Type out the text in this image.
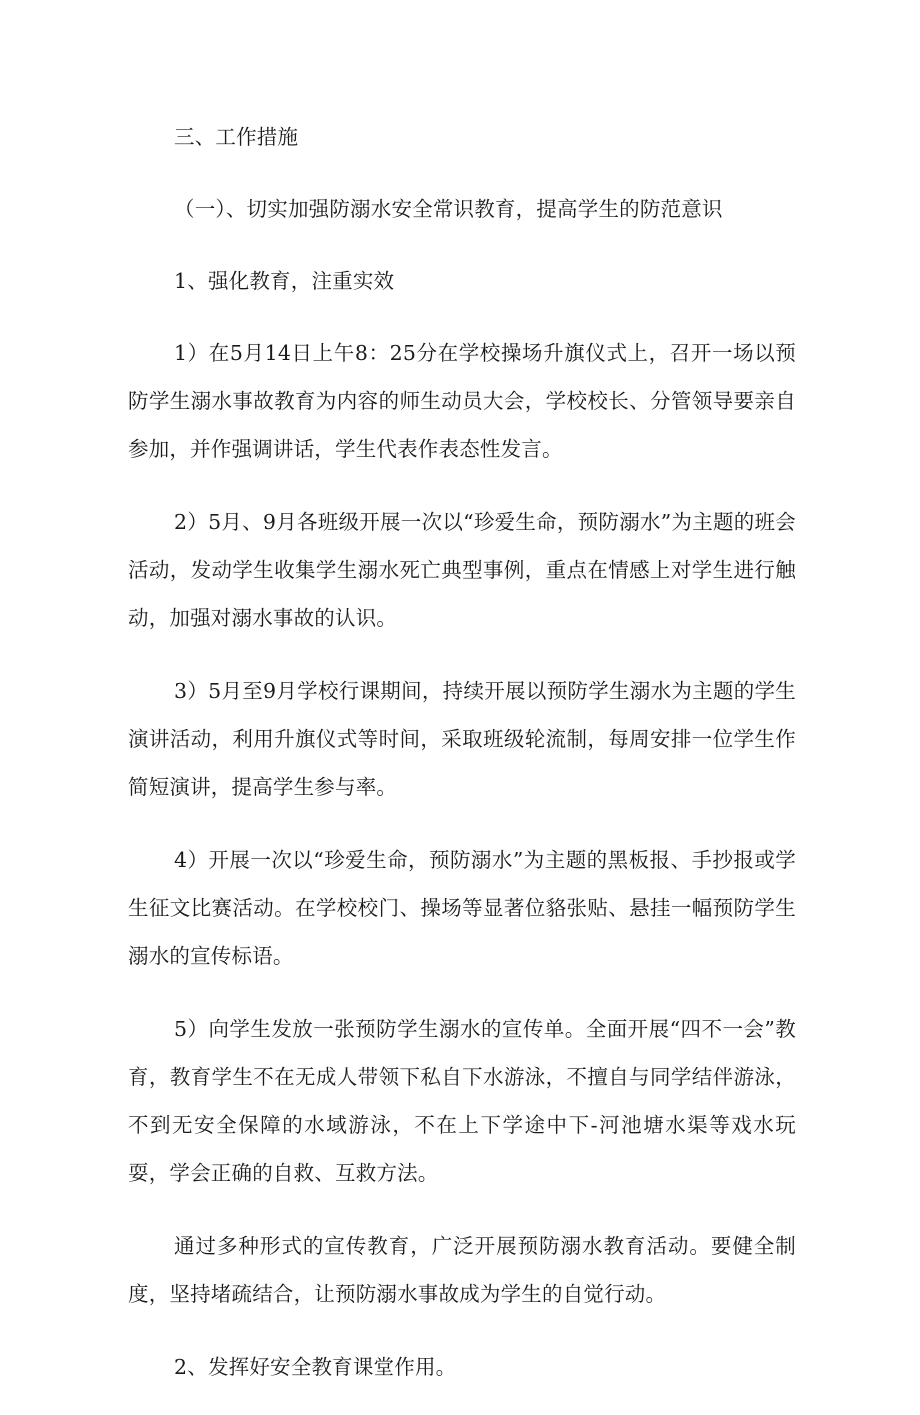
三、工作措施

（一）、切实加强防溺水安全常识教育，提高学生的防范意识

1、强化教育，注重实效

1）在5月14日上午8：25分在学校操场升旗仪式上，召开一场以预防学生溺水事故教育为内容的师生动员大会，学校校长、分管领导要亲自参加，并作强调讲话，学生代表作表态性发言。

2）5月、9月各班级开展一次以“珍爱生命，预防溺水”为主题的班会活动，发动学生收集学生溺水死亡典型事例，重点在情感上对学生进行触动，加强对溺水事故的认识。

3）5月至9月学校行课期间，持续开展以预防学生溺水为主题的学生演讲活动，利用升旗仪式等时间，采取班级轮流制，每周安排一位学生作简短演讲，提高学生参与率。

4）开展一次以“珍爱生命，预防溺水”为主题的黑板报、手抄报或学生征文比赛活动。在学校校门、操场等显著位貉张贴、悬挂一幅预防学生溺水的宣传标语。

5）向学生发放一张预防学生溺水的宣传单。全面开展“四不一会”教育，教育学生不在无成人带领下私自下水游泳，不擅自与同学结伴游泳，不到无安全保障的水域游泳，不在上下学途中下-河池塘水渠等戏水玩耍，学会正确的自救、互救方法。

通过多种形式的宣传教育，广泛开展预防溺水教育活动。要健全制度，坚持堵疏结合，让预防溺水事故成为学生的自觉行动。

2、发挥好安全教育课堂作用。
